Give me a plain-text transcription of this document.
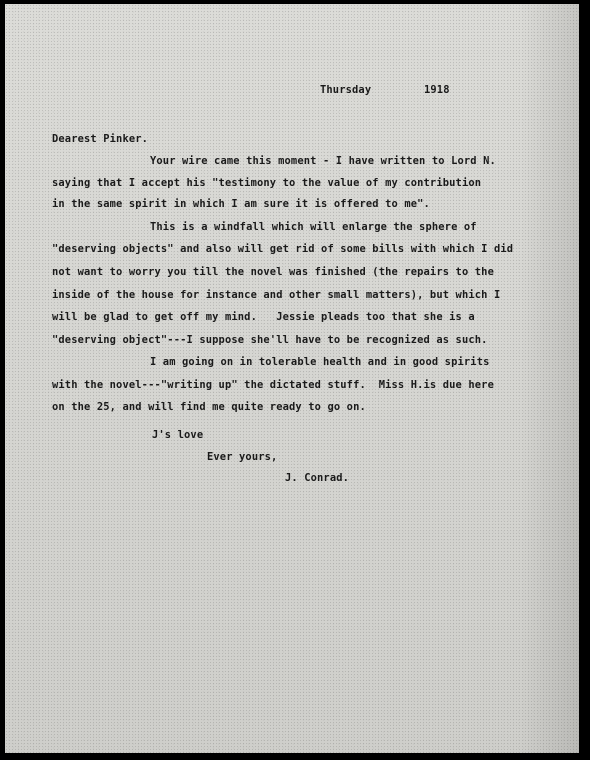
Thursday	1918
Dearest Pinker.
Your wire came this moment - I have written to Lord N.
saying that I accept his "testimony to the value of my contribution
in the same spirit in which I am sure it is offered to me".
This is a windfall which will enlarge the sphere of
"deserving objects" and also will get rid of some bills with which I did
not want to worry you till the novel was finished (the repairs to the
inside of the house for instance and other small matters), but which I
will be glad to get off my mind.   Jessie pleads too that she is a
"deserving object"---I suppose she'll have to be recognized as such.
I am going on in tolerable health and in good spirits
with the novel---"writing up" the dictated stuff.  Miss H.is due here
on the 25, and will find me quite ready to go on.
J's love
Ever yours,
J. Conrad.
